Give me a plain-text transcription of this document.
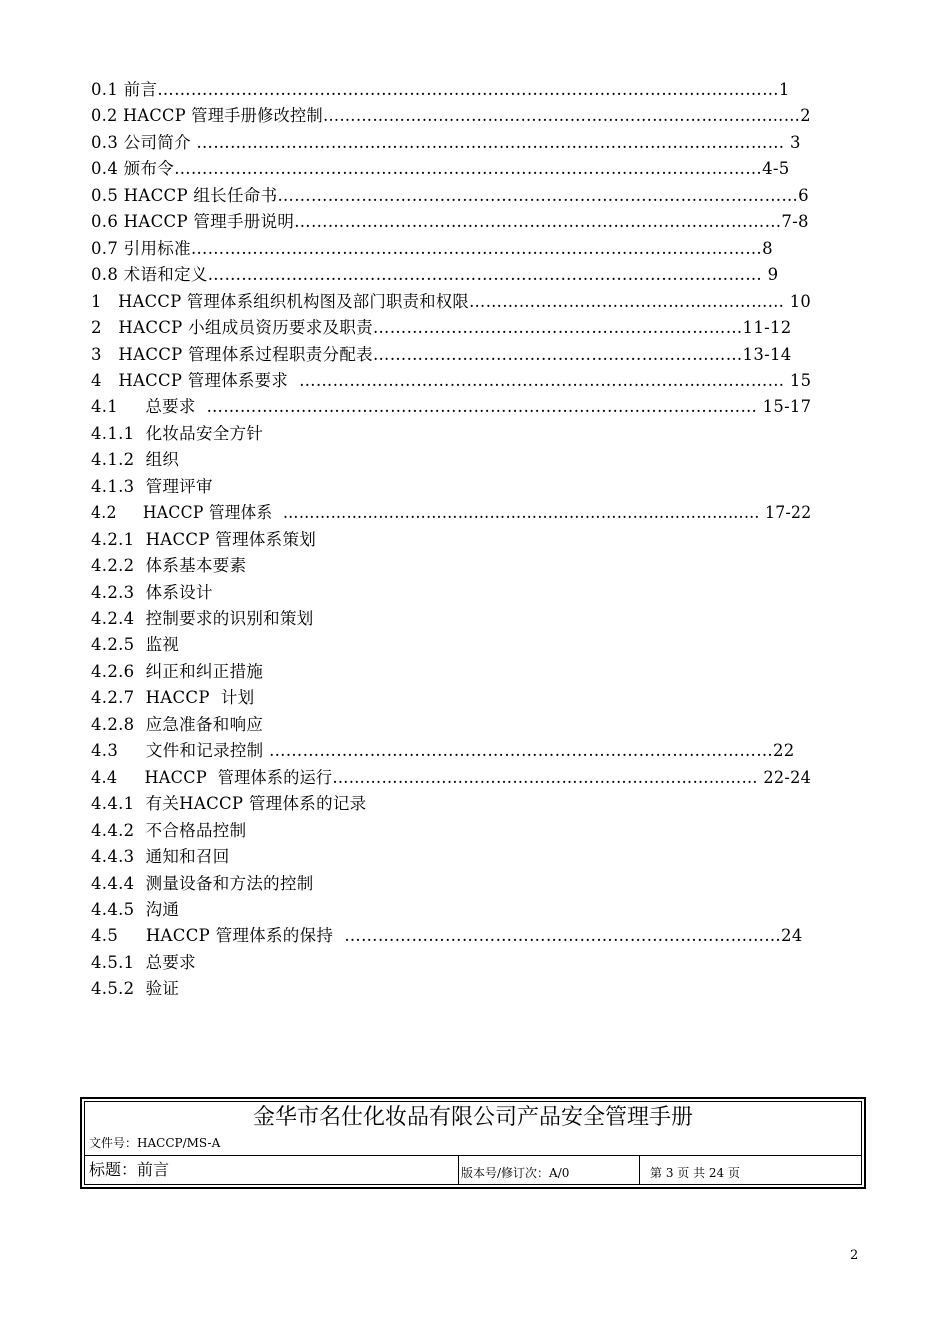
0.1 前言…………………………………………………………………………………………………1
0.2 HACCP 管理手册修改控制……………………………………………………………………………2
0.3 公司简介 …………………………………………………………………………………………… 3
0.4 颁布令……………………………………………………………………………………………4-5
0.5 HACCP 组长任命书…………………………………………………………………………………6
0.6 HACCP 管理手册说明……………………………………………………………………………7-8
0.7 引用标准…………………………………………………………………………………………8
0.8 术语和定义……………………………………………………………………………………… 9
1   HACCP 管理体系组织机构图及部门职责和权限………………………………………………… 10
2   HACCP 小组成员资历要求及职责…………………………………………………………11-12
3   HACCP 管理体系过程职责分配表…………………………………………………………13-14
4   HACCP 管理体系要求  …………………………………………………………………………… 15
4.1     总要求  ……………………………………………………………………………………… 15-17
4.1.1  化妆品安全方针
4.1.2  组织
4.1.3  管理评审
4.2     HACCP 管理体系  ……………………………………………………………………………… 17-22
4.2.1  HACCP 管理体系策划
4.2.2  体系基本要素
4.2.3  体系设计
4.2.4  控制要求的识别和策划
4.2.5  监视
4.2.6  纠正和纠正措施
4.2.7  HACCP  计划
4.2.8  应急准备和响应
4.3     文件和记录控制 ………………………………………………………………………………22
4.4     HACCP  管理体系的运行…………………………………………………………………… 22-24
4.4.1  有关HACCP 管理体系的记录
4.4.2  不合格品控制
4.4.3  通知和召回
4.4.4  测量设备和方法的控制
4.4.5  沟通
4.5     HACCP 管理体系的保持  ……………………………………………………………………24
4.5.1  总要求
4.5.2  验证
金华市名仕化妆品有限公司产品安全管理手册
文件号：HACCP/MS-A
标题：前言	版本号/修订次：A/0	第 3 页 共 24 页
2
